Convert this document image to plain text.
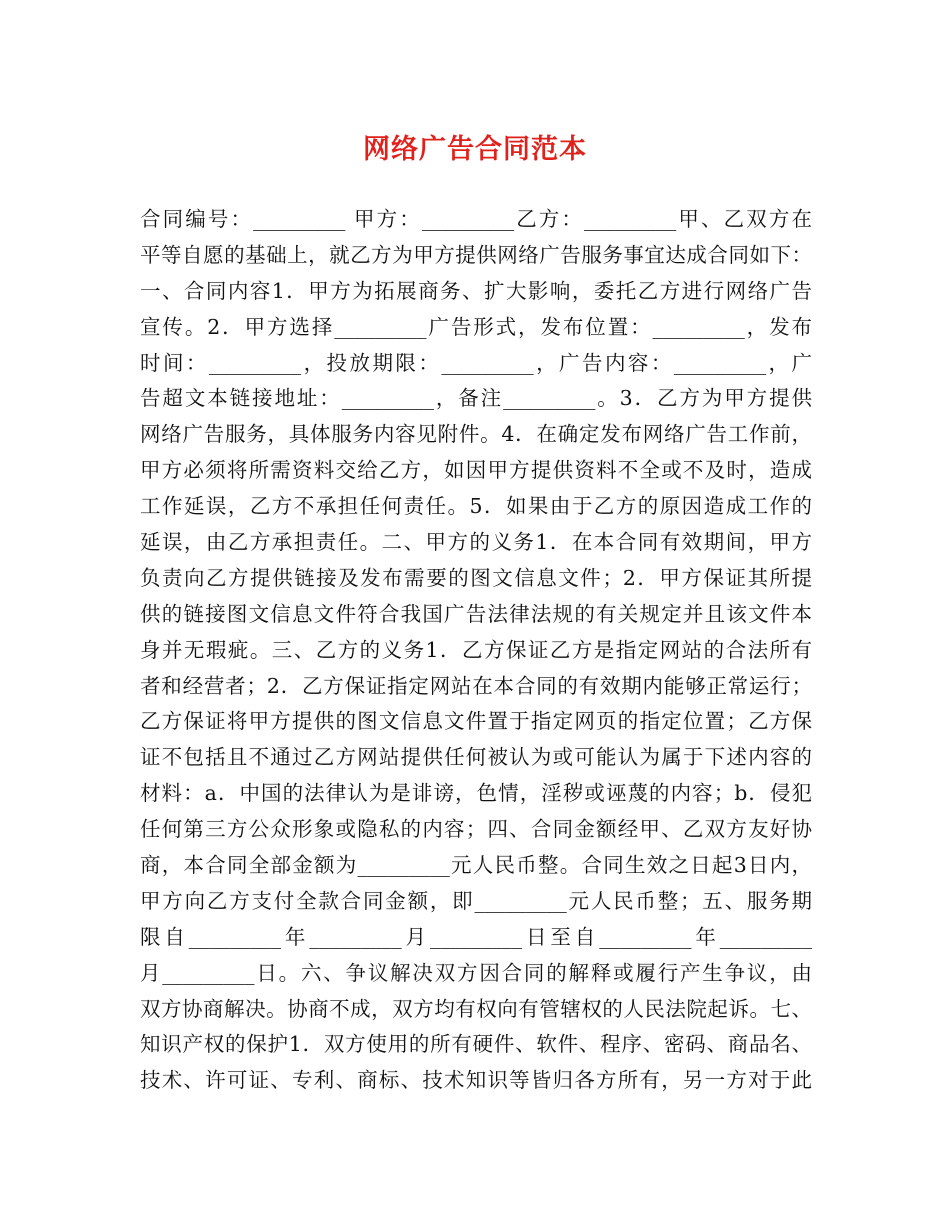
网络广告合同范本
合同编号：_________ 甲方：_________乙方：_________甲、乙双方在
平等自愿的基础上，就乙方为甲方提供网络广告服务事宜达成合同如下：
一、合同内容1．甲方为拓展商务、扩大影响，委托乙方进行网络广告
宣传。2．甲方选择_________广告形式，发布位置：_________，发布
时间：_________，投放期限：_________，广告内容：_________，广
告超文本链接地址：_________，备注_________。3．乙方为甲方提供
网络广告服务，具体服务内容见附件。4．在确定发布网络广告工作前，
甲方必须将所需资料交给乙方，如因甲方提供资料不全或不及时，造成
工作延误，乙方不承担任何责任。5．如果由于乙方的原因造成工作的
延误，由乙方承担责任。二、甲方的义务1．在本合同有效期间，甲方
负责向乙方提供链接及发布需要的图文信息文件；2．甲方保证其所提
供的链接图文信息文件符合我国广告法律法规的有关规定并且该文件本
身并无瑕疵。三、乙方的义务1．乙方保证乙方是指定网站的合法所有
者和经营者；2．乙方保证指定网站在本合同的有效期内能够正常运行；
乙方保证将甲方提供的图文信息文件置于指定网页的指定位置；乙方保
证不包括且不通过乙方网站提供任何被认为或可能认为属于下述内容的
材料：a．中国的法律认为是诽谤，色情，淫秽或诬蔑的内容；b．侵犯
任何第三方公众形象或隐私的内容；四、合同金额经甲、乙双方友好协
商，本合同全部金额为_________元人民币整。合同生效之日起3日内，
甲方向乙方支付全款合同金额，即_________元人民币整；五、服务期
限自_________年_________月_________日至自_________年_________
月_________日。六、争议解决双方因合同的解释或履行产生争议，由
双方协商解决。协商不成，双方均有权向有管辖权的人民法院起诉。七、
知识产权的保护1．双方使用的所有硬件、软件、程序、密码、商品名、
技术、许可证、专利、商标、技术知识等皆归各方所有，另一方对于此
